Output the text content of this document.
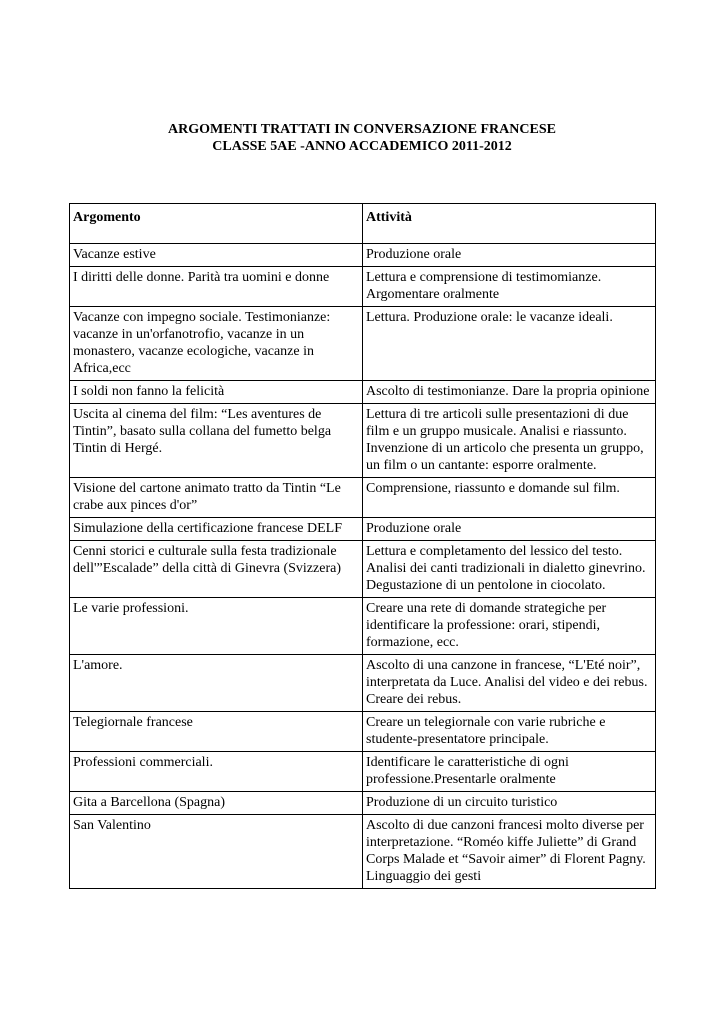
ARGOMENTI TRATTATI IN CONVERSAZIONE FRANCESE
CLASSE 5AE -ANNO ACCADEMICO 2011-2012
Argomento	Attività
Vacanze estive	Produzione orale
I diritti delle donne. Parità tra uomini e donne	Lettura e comprensione di testimomianze. Argomentare oralmente
Vacanze con impegno sociale. Testimonianze: vacanze in un'orfanotrofio, vacanze in un monastero, vacanze ecologiche, vacanze in Africa,ecc	Lettura. Produzione orale: le vacanze ideali.
I soldi non fanno la felicità	Ascolto di testimonianze. Dare la propria opinione
Uscita al cinema del film: “Les aventures de Tintin”, basato sulla collana del fumetto belga Tintin di Hergé.	Lettura di tre articoli sulle presentazioni di due film e un gruppo musicale. Analisi e riassunto. Invenzione di un articolo che presenta un gruppo, un film o un cantante: esporre oralmente.
Visione del cartone animato tratto da Tintin “Le crabe aux pinces d'or”	Comprensione, riassunto e domande sul film.
Simulazione della certificazione francese DELF	Produzione orale
Cenni storici e culturale sulla festa tradizionale dell'”Escalade” della città di Ginevra (Svizzera)	Lettura e completamento del lessico del testo. Analisi dei canti tradizionali in dialetto ginevrino. Degustazione di un pentolone in ciocolato.
Le varie professioni.	Creare una rete di domande strategiche per identificare la professione: orari, stipendi, formazione, ecc.
L'amore.	Ascolto di una canzone in francese, “L'Eté noir”, interpretata da Luce. Analisi del video e dei rebus. Creare dei rebus.
Telegiornale francese	Creare un telegiornale con varie rubriche e studente-presentatore principale.
Professioni commerciali.	Identificare le caratteristiche di ogni professione.Presentarle oralmente
Gita a Barcellona (Spagna)	Produzione di un circuito turistico
San Valentino	Ascolto di due canzoni francesi molto diverse per interpretazione. “Roméo kiffe Juliette” di Grand Corps Malade et “Savoir aimer” di Florent Pagny. Linguaggio dei gesti
